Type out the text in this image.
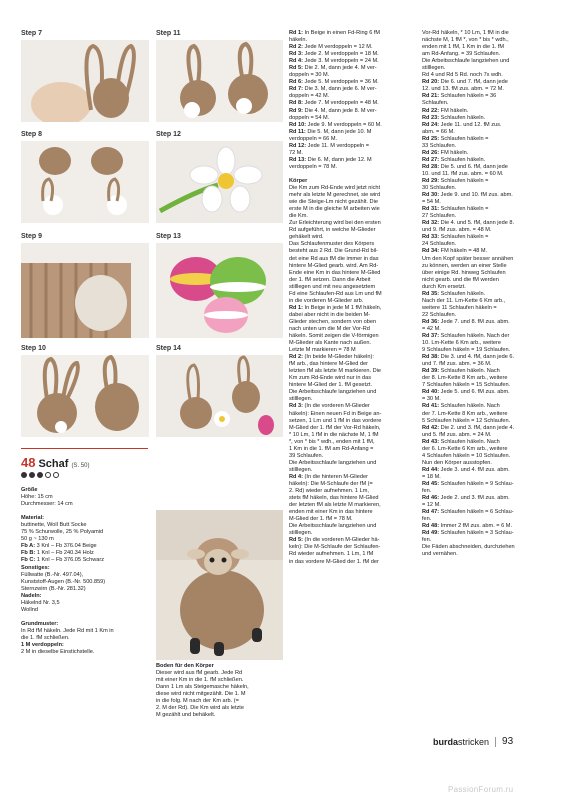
Step 7
Step 8
Step 9
Step 10
Step 11
Step 12
Step 13
Step 14
48 Schaf (S. 50)

Größe

Höhe: 15 cm

Durchmesser: 14 cm

Material:

buttinette, Woll Butt Socke

75 % Schurwolle, 25 % Polyamid

50 g ~ 130 m

Fb A: 3 Knl – Fb 376.04 Beige

Fb B: 1 Knl – Fb 240.34 Holz

Fb C: 1 Knl – Fb 376.05 Schwarz

Sonstiges:

Füllwatte (B.-Nr. 497.04),

Kunststoff-Augen (B.-Nr. 500.859)

Sternzwirn (B.-Nr. 281.32)

Nadeln:

Häkelnd Nr. 3,5

Wollnd

Grundmuster:

In Rd fM häkeln. Jede Rd mit 1 Km in

die 1. fM schließen.

1 M verdoppeln:

2 M in dieselbe Einstichstelle.

Boden für den Körper

Dieser wird aus fM gearb. Jede Rd

mit einer Km in die 1. fM schließen.

Dann 1 Lm als Steigemasche häkeln,

diese wird nicht mitgezählt. Die 1. M

in die folg. M nach der Km arb. (=

2. M der Rd). Die Km wird als letzte

M gezählt und behäkelt.

Rd 1: In Beige in einen Fd-Ring 6 fM

häkeln.

Rd 2: Jede M verdoppeln = 12 M.

Rd 3: Jede 2. M verdoppeln = 18 M.

Rd 4: Jede 3. M verdoppeln = 24 M.

Rd 5: Die 2. M, dann jede 4. M ver-

doppeln = 30 M.

Rd 6: Jede 5. M verdoppeln = 36 M.

Rd 7: Die 3. M, dann jede 6. M ver-

doppeln = 42 M.

Rd 8: Jede 7. M verdoppeln = 48 M.

Rd 9: Die 4. M, dann jede 8. M ver-

doppeln = 54 M.

Rd 10: Jede 9. M verdoppeln = 60 M.

Rd 11: Die 5. M, dann jede 10. M

verdoppeln = 66 M.

Rd 12: Jede 11. M verdoppeln =

72 M.

Rd 13: Die 6. M, dann jede 12. M

verdoppeln = 78 M.

Körper

Die Km zum Rd-Ende wird jetzt nicht

mehr als letzte M gerechnet, sie wird

wie die Steige-Lm nicht gezählt. Die

erste M in die gleiche M arbeiten wie

die Km.

Zur Erleichterung wird bei den ersten

Rd aufgeführt, in welche M-Glieder

gehäkelt wird.

Das Schlaufenmuster des Körpers

besteht aus 2 Rd. Die Grund-Rd bil-

det eine Rd aus fM die immer in das

hintere M-Glied gearb. wird. Am Rd-

Ende eine Km in das hintere M-Glied

der 1. fM setzen. Dann die Arbeit

stilllegen und mit neu angesetztem

Fd eine Schlaufen-Rd aus Lm und fM

in die vorderen M-Glieder arb.

Rd 1: In Beige in jede M 1 fM häkeln,

dabei aber nicht in die beiden M-

Glieder stechen, sondern von oben

nach unten um die M der Vor-Rd

häkeln. Somit zeigen die V-förmigen

M-Glieder als Kante nach außen.

Letzte M markieren = 78 M

Rd 2: (In beide M-Glieder häkeln):

fM arb., das hintere M-Glied der

letzten fM als letzte M markieren. Die

Km zum Rd-Ende wird nur in das

hintere M-Glied der 1. fM gesetzt.

Die Arbeitsschlaufe langziehen und

stilllegen.

Rd 3: (In die vorderen M-Glieder

häkeln): Einen neuen Fd in Beige an-

setzen, 1 Lm und 1 fM in das vordere

M-Glied der 1. fM der Vor-Rd häkeln,

* 10 Lm, 1 fM in die nächste M, 1 fM

*, von * bis * wdh., enden mit 1 fM,

1 Km in die 1. fM am Rd-Anfang =

39 Schlaufen.

Die Arbeitsschlaufe langziehen und

stilllegen.

Rd 4: (In die hinteren M-Glieder

häkeln): Die M-Schlaufe der fM (=

2. Rd) wieder aufnehmen. 1 Lm,

stets fM häkeln, das hintere M-Glied

der letzten fM als letzte M markieren,

enden mit einer Km in das hintere

M-Glied der 1. fM = 78 M.

Die Arbeitsschlaufe langziehen und

stilllegen.

Rd 5: (In die vorderen M-Glieder hä-

keln): Die M-Schlaufe der Schlaufen-

Rd wieder aufnehmen. 1 Lm, 1 fM

in das vordere M-Glied der 1. fM der

Vor-Rd häkeln, * 10 Lm, 1 fM in die

nächste M, 1 fM *, von * bis * wdh.,

enden mit 1 fM, 1 Km in die 1. fM

am Rd-Anfang. = 39 Schlaufen.

Die Arbeitsschlaufe langziehen und

stilllegen.

Rd 4 und Rd 5 Rd. noch 7x wdh.

Rd 20: Die 6. und 7. fM, dann jede

12. und 13. fM zus. abm. = 72 M.

Rd 21: Schlaufen häkeln = 36

Schlaufen.

Rd 22: FM häkeln.

Rd 23: Schlaufen häkeln.

Rd 24: Jede 11. und 12. fM zus.

abm. = 66 M.

Rd 25: Schlaufen häkeln =

33 Schlaufen.

Rd 26: FM häkeln.

Rd 27: Schlaufen häkeln.

Rd 28: Die 5. und 6. fM, dann jede

10. und 11. fM zus. abm. = 60 M.

Rd 29: Schlaufen häkeln =

30 Schlaufen.

Rd 30: Jede 9. und 10. fM zus. abm.

= 54 M.

Rd 31: Schlaufen häkeln =

27 Schlaufen.

Rd 32: Die 4. und 5. fM, dann jede 8.

und 9. fM zus. abm. = 48 M.

Rd 33: Schlaufen häkeln =

24 Schlaufen.

Rd 34: FM häkeln = 48 M.

Um den Kopf später besser annähen

zu können, werden an einer Stelle

über einige Rd. hinweg Schlaufen

nicht gearb. und die fM werden

durch Km ersetzt.

Rd 35: Schlaufen häkeln.

Nach der 11. Lm-Kette 6 Km arb.,

weitere 11 Schlaufen häkeln =

22 Schlaufen.

Rd 36: Jede 7. und 8. fM zus. abm.

= 42 M.

Rd 37: Schlaufen häkeln. Nach der

10. Lm-Kette 6 Km arb., weitere

9 Schlaufen häkeln = 19 Schlaufen.

Rd 38: Die 3. und 4. fM, dann jede 6.

und 7. fM zus. abm. = 36 M.

Rd 39: Schlaufen häkeln. Nach

der 8. Lm-Kette 8 Km arb., weitere

7 Schlaufen häkeln = 15 Schlaufen.

Rd 40: Jede 5. und 6. fM zus. abm.

= 30 M.

Rd 41: Schlaufen häkeln. Nach

der 7. Lm-Kette 8 Km arb., weitere

5 Schlaufen häkeln = 12 Schlaufen.

Rd 42: Die 2. und 3. fM, dann jede 4.

und 5. fM zus. abm. = 24 M.

Rd 43: Schlaufen häkeln. Nach

der 6. Lm-Kette 6 Km arb., weitere

4 Schlaufen häkeln = 10 Schlaufen.

Nun den Körper ausstopfen.

Rd 44: Jede 3. und 4. fM zus. abm.

= 18 M.

Rd 45: Schlaufen häkeln = 9 Schlau-

fen.

Rd 46: Jede 2. und 3. fM zus. abm.

= 12 M.

Rd 47: Schlaufen häkeln = 6 Schlau-

fen.

Rd 48: Immer 2 fM zus. abm. = 6 M.

Rd 49: Schlaufen häkeln = 3 Schlau-

fen.

Die Fäden abschneiden, durchziehen

und vernähen.

burdastricken 93
PassionForum.ru
